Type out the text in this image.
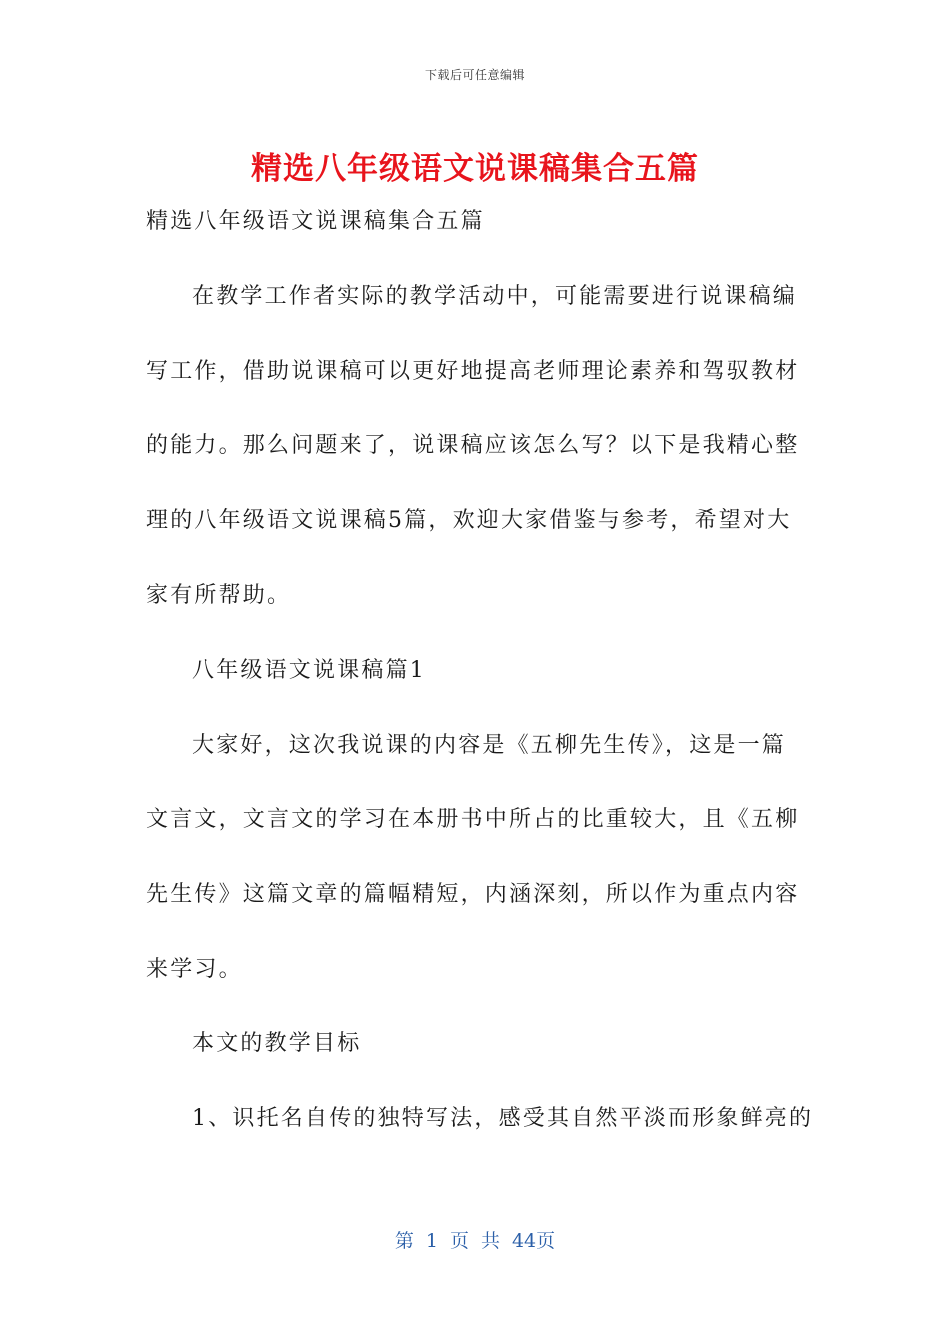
下载后可任意编辑
精选八年级语文说课稿集合五篇
精选八年级语文说课稿集合五篇
在教学工作者实际的教学活动中，可能需要进行说课稿编
写工作，借助说课稿可以更好地提高老师理论素养和驾驭教材
的能力。那么问题来了，说课稿应该怎么写？以下是我精心整
理的八年级语文说课稿5篇，欢迎大家借鉴与参考，希望对大
家有所帮助。
八年级语文说课稿篇1
大家好，这次我说课的内容是《五柳先生传》，这是一篇
文言文，文言文的学习在本册书中所占的比重较大，且《五柳
先生传》这篇文章的篇幅精短，内涵深刻，所以作为重点内容
来学习。
本文的教学目标
1、识托名自传的独特写法，感受其自然平淡而形象鲜亮的
第 1 页 共 44页
